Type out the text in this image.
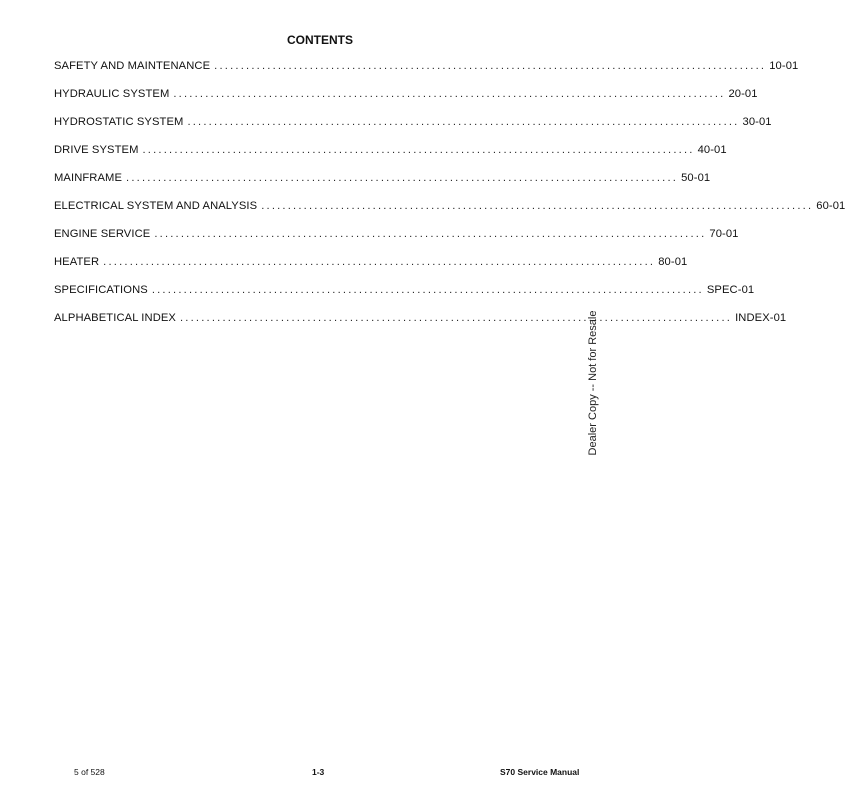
CONTENTS
SAFETY AND MAINTENANCE ........................................................................................................ 10-01
HYDRAULIC SYSTEM ........................................................................................................ 20-01
HYDROSTATIC SYSTEM ........................................................................................................ 30-01
DRIVE SYSTEM ........................................................................................................ 40-01
MAINFRAME ........................................................................................................ 50-01
ELECTRICAL SYSTEM AND ANALYSIS ........................................................................................................ 60-01
ENGINE SERVICE ........................................................................................................ 70-01
HEATER ........................................................................................................ 80-01
SPECIFICATIONS ........................................................................................................ SPEC-01
ALPHABETICAL INDEX ........................................................................................................ INDEX-01
Dealer Copy -- Not for Resale
5 of 528	1-3	S70 Service Manual
